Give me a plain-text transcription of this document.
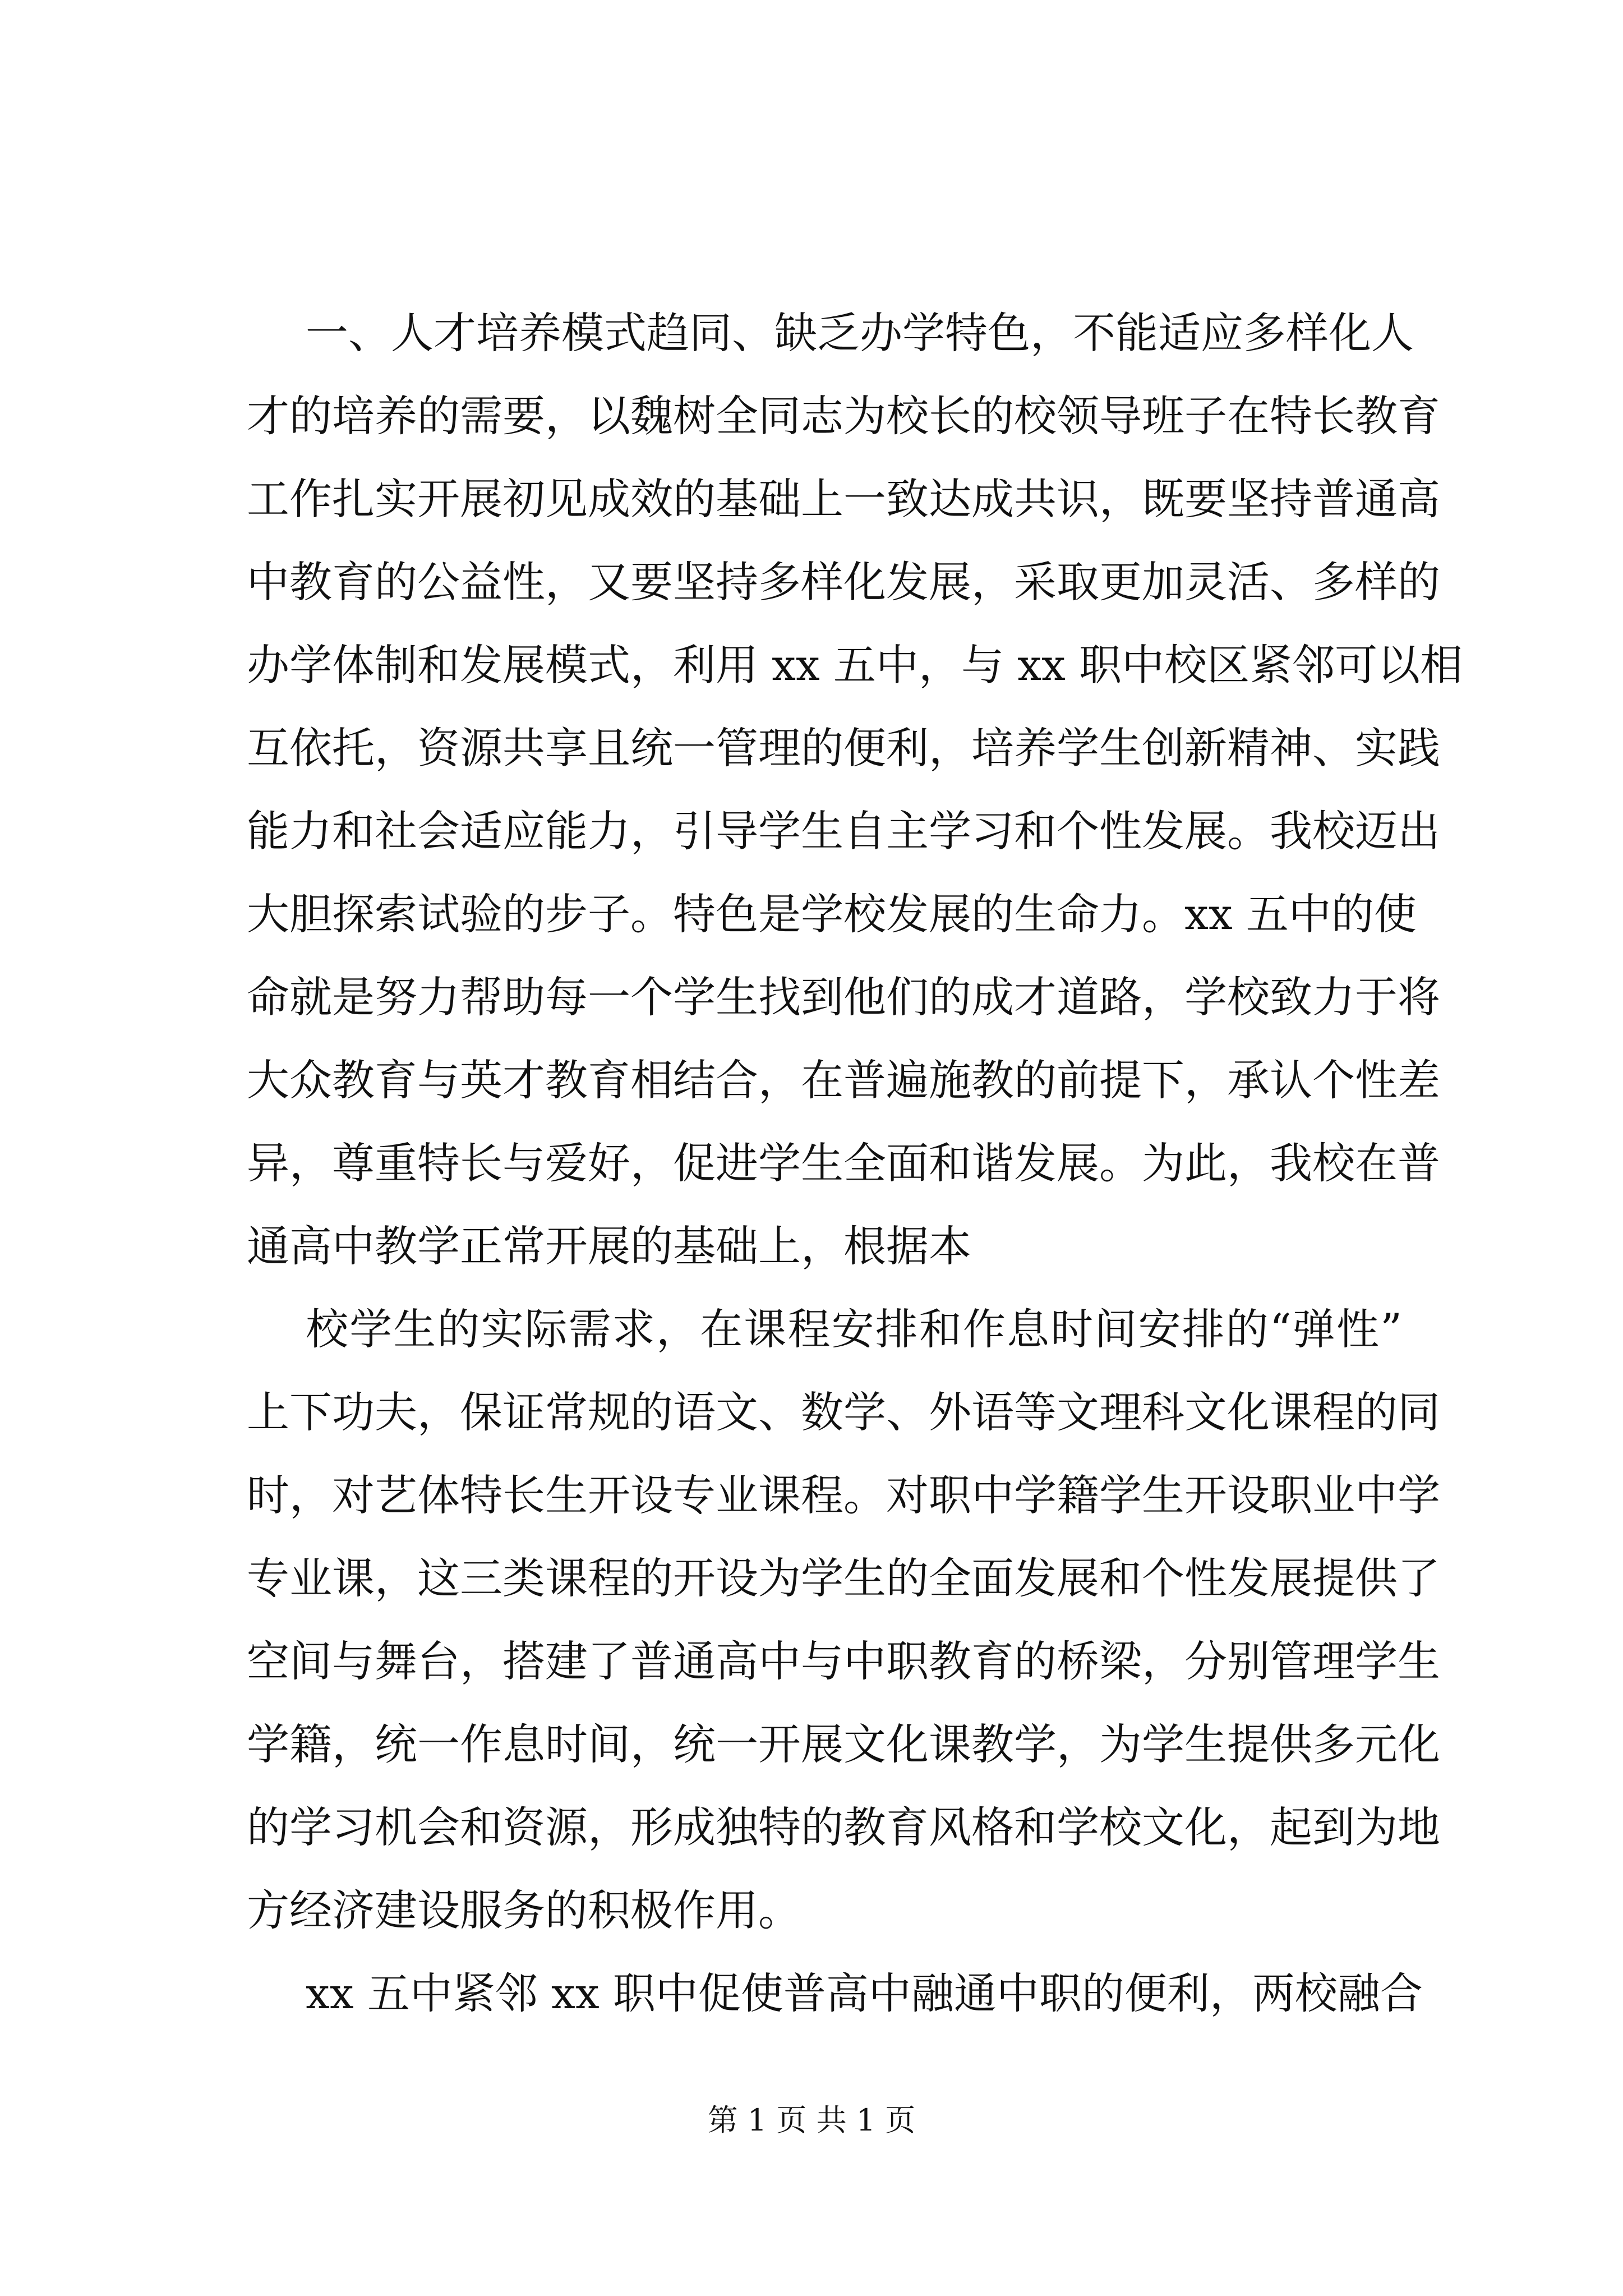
一、人才培养模式趋同、缺乏办学特色，不能适应多样化人
才的培养的需要，以魏树全同志为校长的校领导班子在特长教育
工作扎实开展初见成效的基础上一致达成共识，既要坚持普通高
中教育的公益性，又要坚持多样化发展，采取更加灵活、多样的
办学体制和发展模式，利用 xx 五中，与 xx 职中校区紧邻可以相
互依托，资源共享且统一管理的便利，培养学生创新精神、实践
能力和社会适应能力，引导学生自主学习和个性发展。我校迈出
大胆探索试验的步子。特色是学校发展的生命力。xx 五中的使
命就是努力帮助每一个学生找到他们的成才道路，学校致力于将
大众教育与英才教育相结合，在普遍施教的前提下，承认个性差
异，尊重特长与爱好，促进学生全面和谐发展。为此，我校在普
通高中教学正常开展的基础上，根据本
校学生的实际需求，在课程安排和作息时间安排的“弹性”
上下功夫，保证常规的语文、数学、外语等文理科文化课程的同
时，对艺体特长生开设专业课程。对职中学籍学生开设职业中学
专业课，这三类课程的开设为学生的全面发展和个性发展提供了
空间与舞台，搭建了普通高中与中职教育的桥梁，分别管理学生
学籍，统一作息时间，统一开展文化课教学，为学生提供多元化
的学习机会和资源，形成独特的教育风格和学校文化，起到为地
方经济建设服务的积极作用。
xx 五中紧邻 xx 职中促使普高中融通中职的便利，两校融合
第 1 页 共 1 页
